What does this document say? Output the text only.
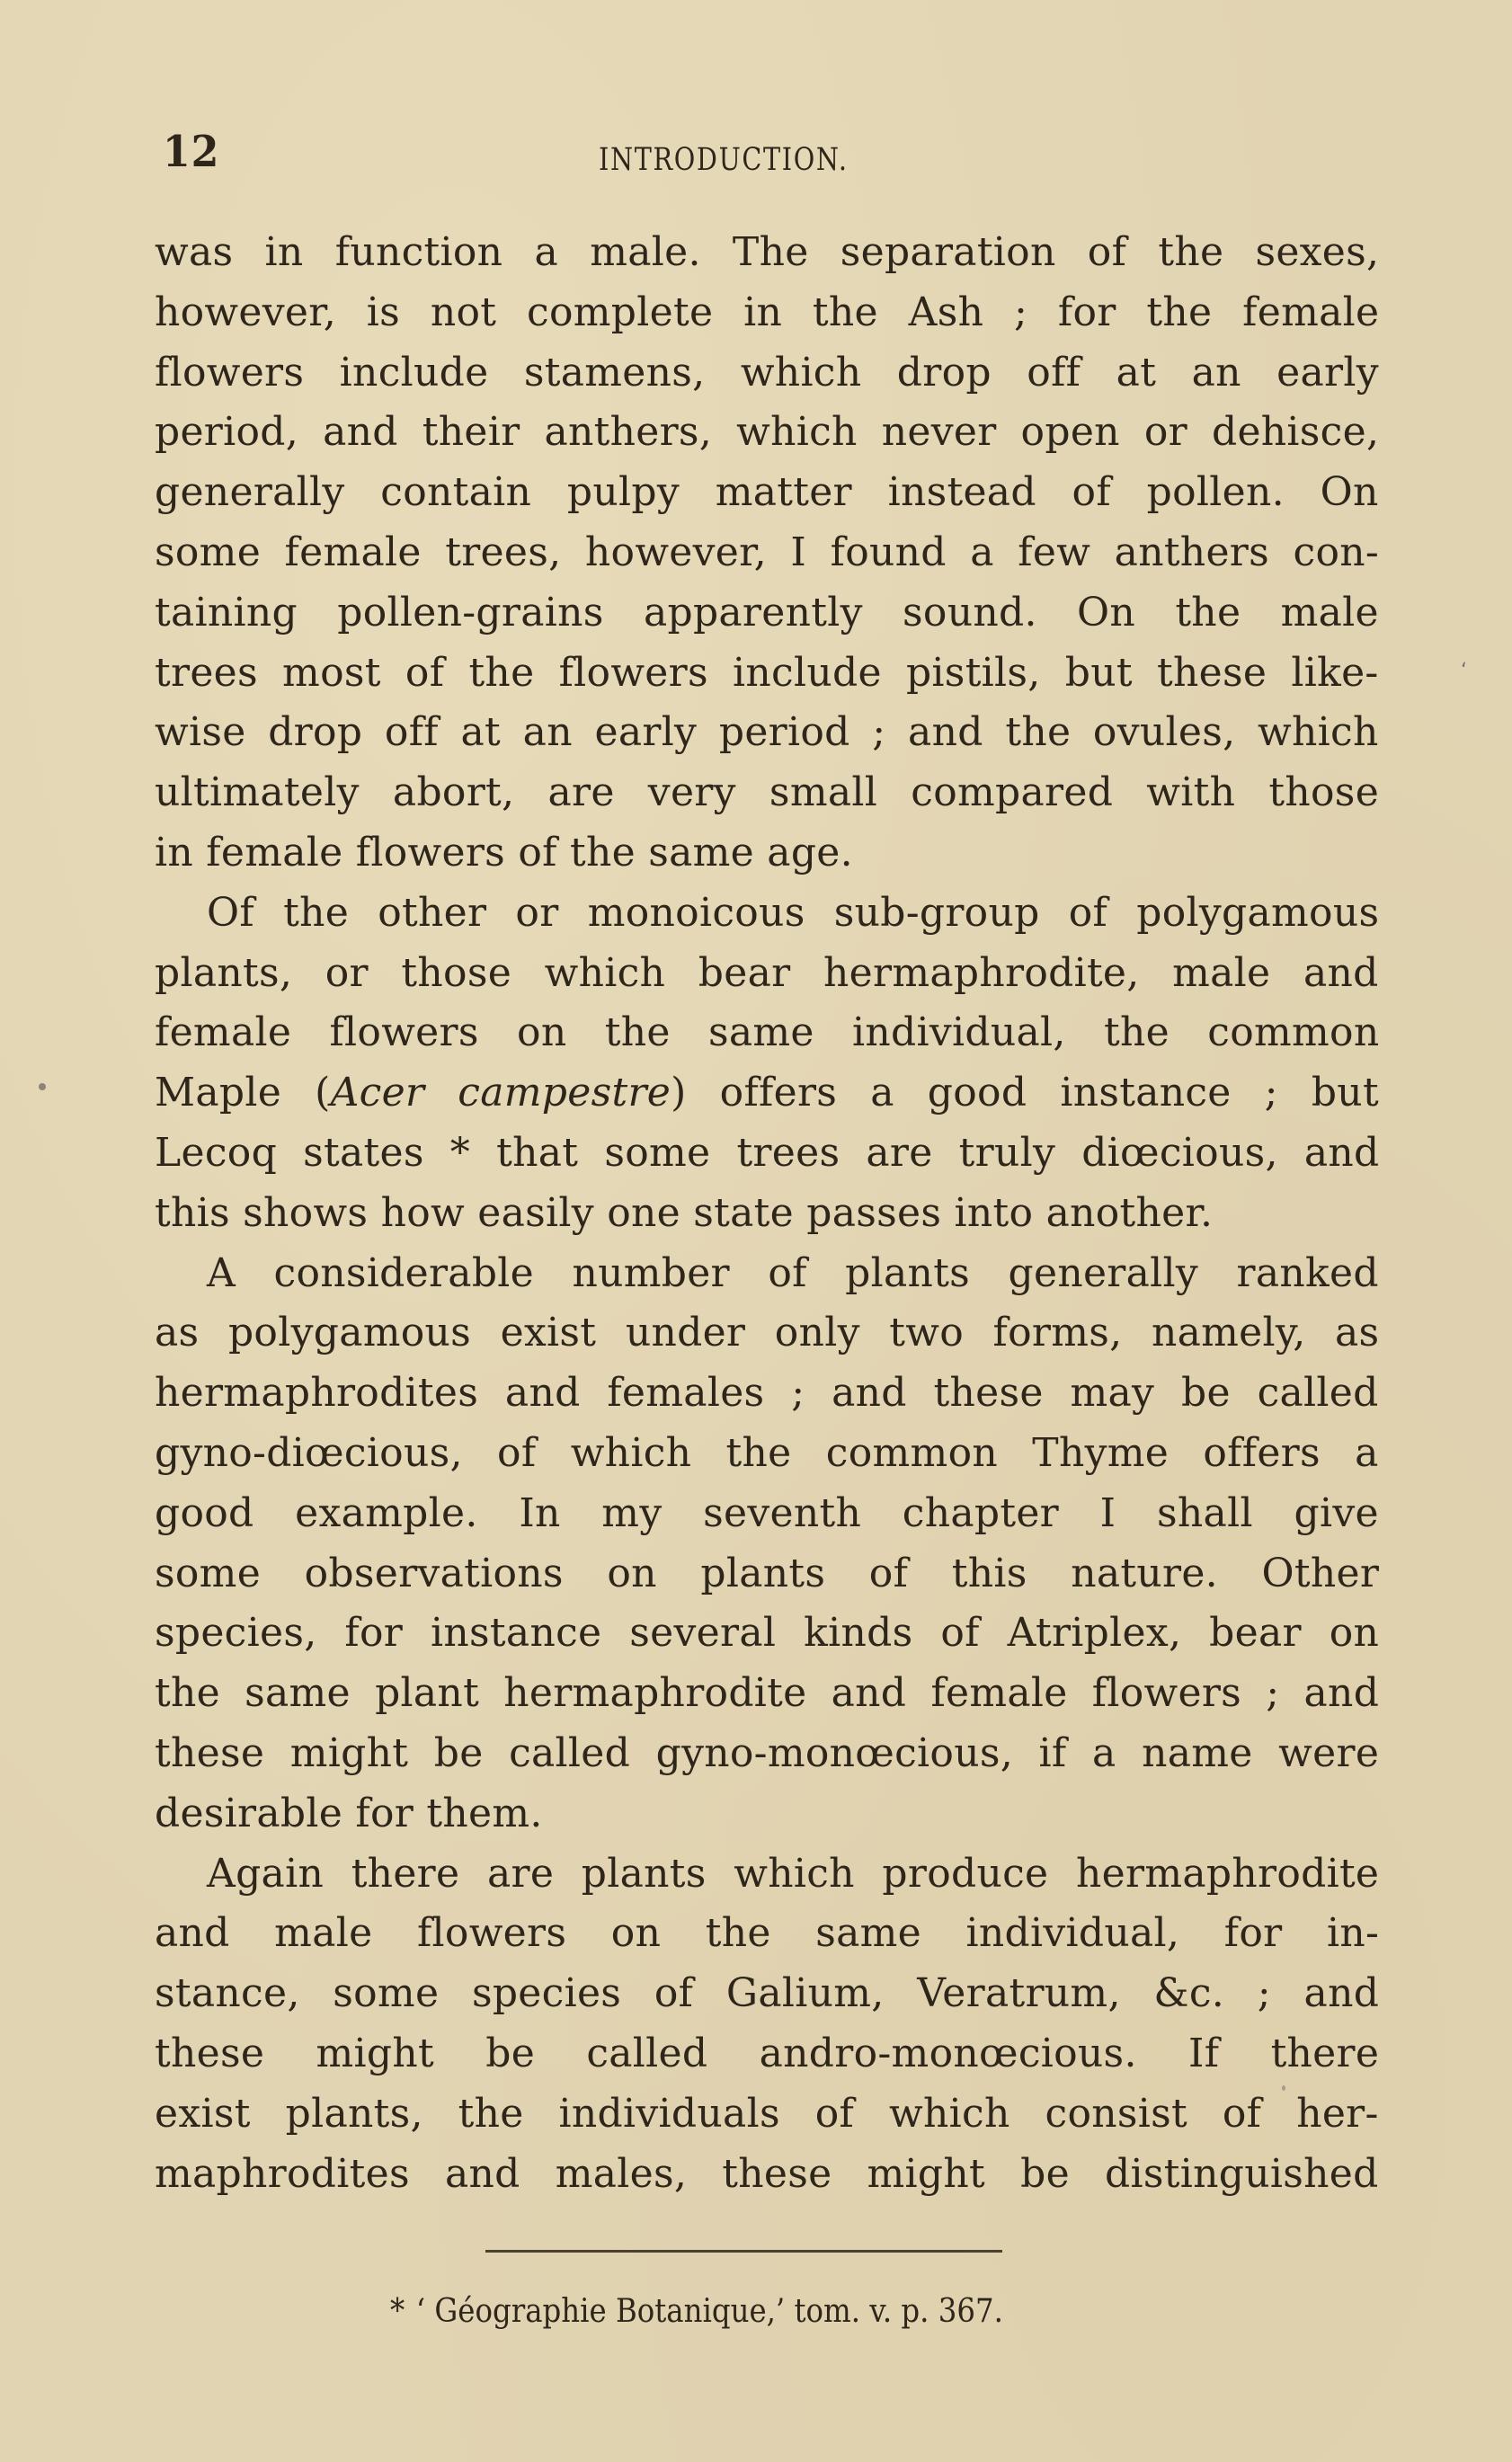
12	INTRODUCTION.
was in function a male. The separation of the sexes,
however, is not complete in the Ash ; for the female
flowers include stamens, which drop off at an early
period, and their anthers, which never open or dehisce,
generally contain pulpy matter instead of pollen. On
some female trees, however, I found a few anthers con-
taining pollen-grains apparently sound. On the male
trees most of the flowers include pistils, but these like-
wise drop off at an early period ; and the ovules, which
ultimately abort, are very small compared with those
in female flowers of the same age.
Of the other or monoicous sub-group of polygamous
plants, or those which bear hermaphrodite, male and
female flowers on the same individual, the common
Maple (Acer campestre) offers a good instance ; but
Lecoq states * that some trees are truly diœcious, and
this shows how easily one state passes into another.
A considerable number of plants generally ranked
as polygamous exist under only two forms, namely, as
hermaphrodites and females ; and these may be called
gyno-diœcious, of which the common Thyme offers a
good example. In my seventh chapter I shall give
some observations on plants of this nature. Other
species, for instance several kinds of Atriplex, bear on
the same plant hermaphrodite and female flowers ; and
these might be called gyno-monœcious, if a name were
desirable for them.
Again there are plants which produce hermaphrodite
and male flowers on the same individual, for in-
stance, some species of Galium, Veratrum, &c. ; and
these might be called andro-monœcious. If there
exist plants, the individuals of which consist of her-
maphrodites and males, these might be distinguished
* ‘ Géographie Botanique,’ tom. v. p. 367.
‘
